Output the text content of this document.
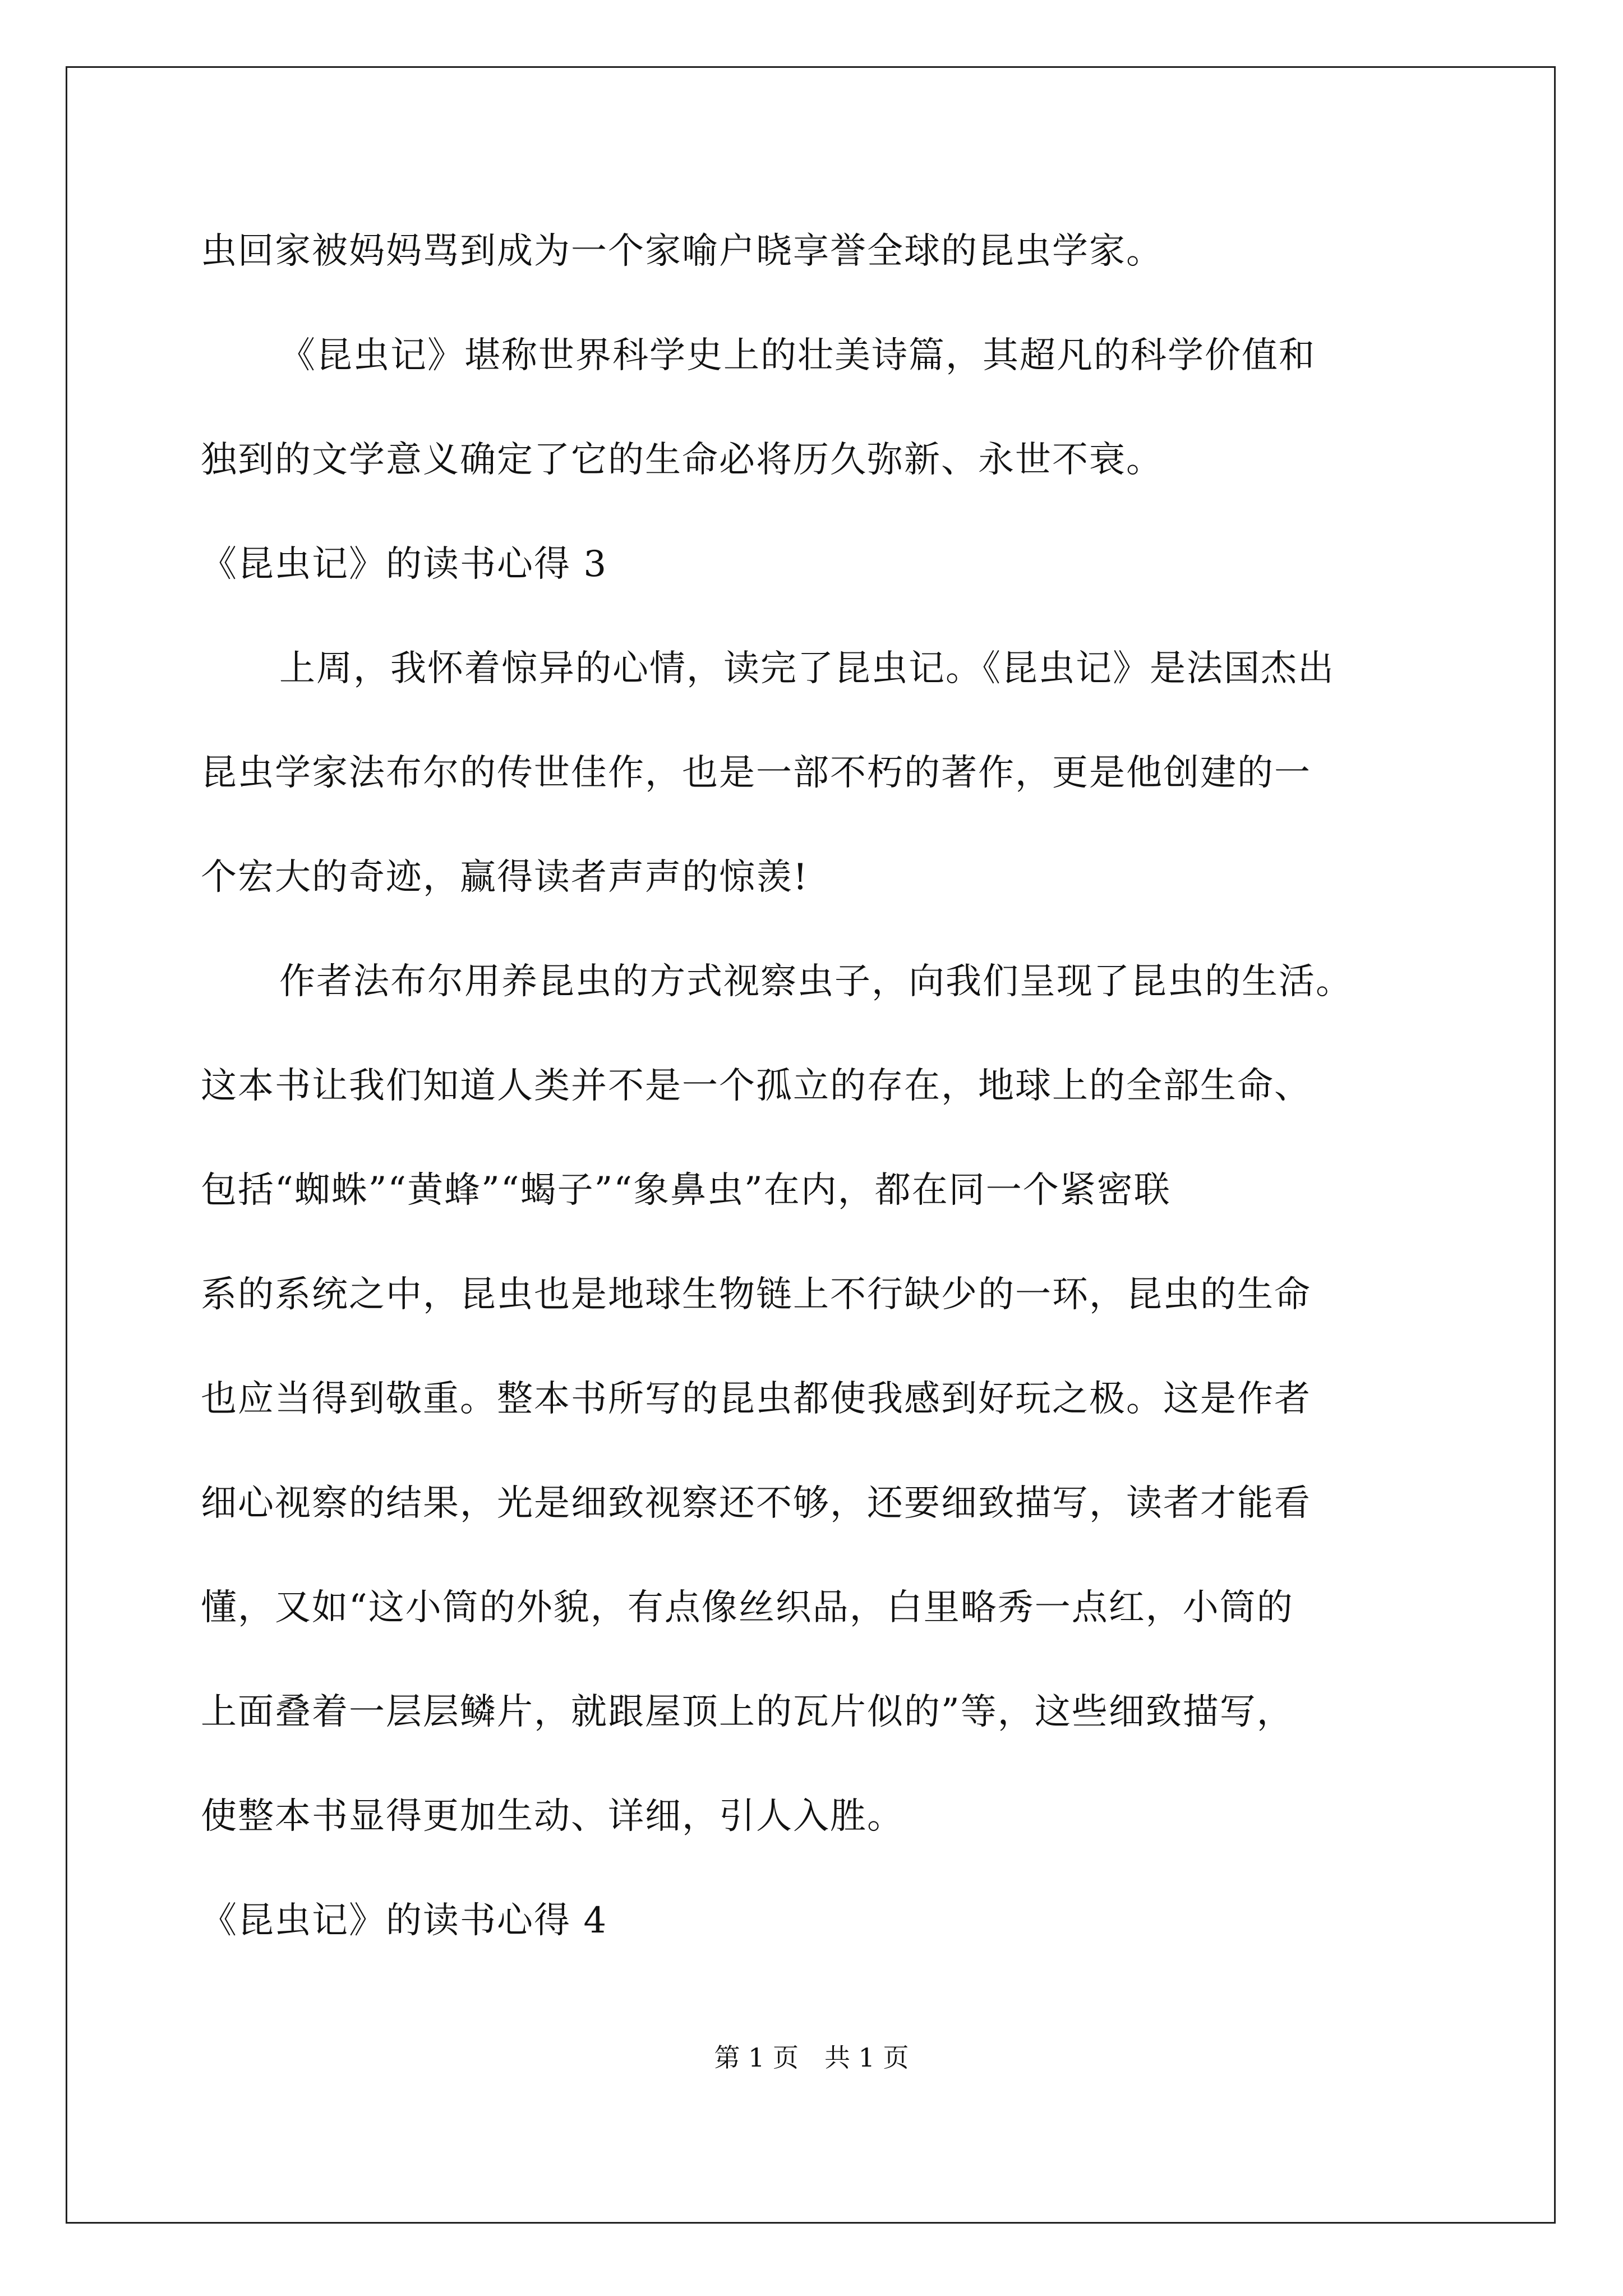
虫回家被妈妈骂到成为一个家喻户晓享誉全球的昆虫学家。
《昆虫记》堪称世界科学史上的壮美诗篇，其超凡的科学价值和
独到的文学意义确定了它的生命必将历久弥新、永世不衰。
《昆虫记》的读书心得 3
上周，我怀着惊异的心情，读完了昆虫记。《昆虫记》是法国杰出
昆虫学家法布尔的传世佳作，也是一部不朽的著作，更是他创建的一
个宏大的奇迹，赢得读者声声的惊羡!
作者法布尔用养昆虫的方式视察虫子，向我们呈现了昆虫的生活。
这本书让我们知道人类并不是一个孤立的存在，地球上的全部生命、
包括“蜘蛛”“黄蜂”“蝎子”“象鼻虫”在内，都在同一个紧密联
系的系统之中，昆虫也是地球生物链上不行缺少的一环，昆虫的生命
也应当得到敬重。整本书所写的昆虫都使我感到好玩之极。这是作者
细心视察的结果，光是细致视察还不够，还要细致描写，读者才能看
懂，又如“这小筒的外貌，有点像丝织品，白里略秀一点红，小筒的
上面叠着一层层鳞片，就跟屋顶上的瓦片似的”等，这些细致描写，
使整本书显得更加生动、详细，引人入胜。
《昆虫记》的读书心得 4
第 1 页　共 1 页
